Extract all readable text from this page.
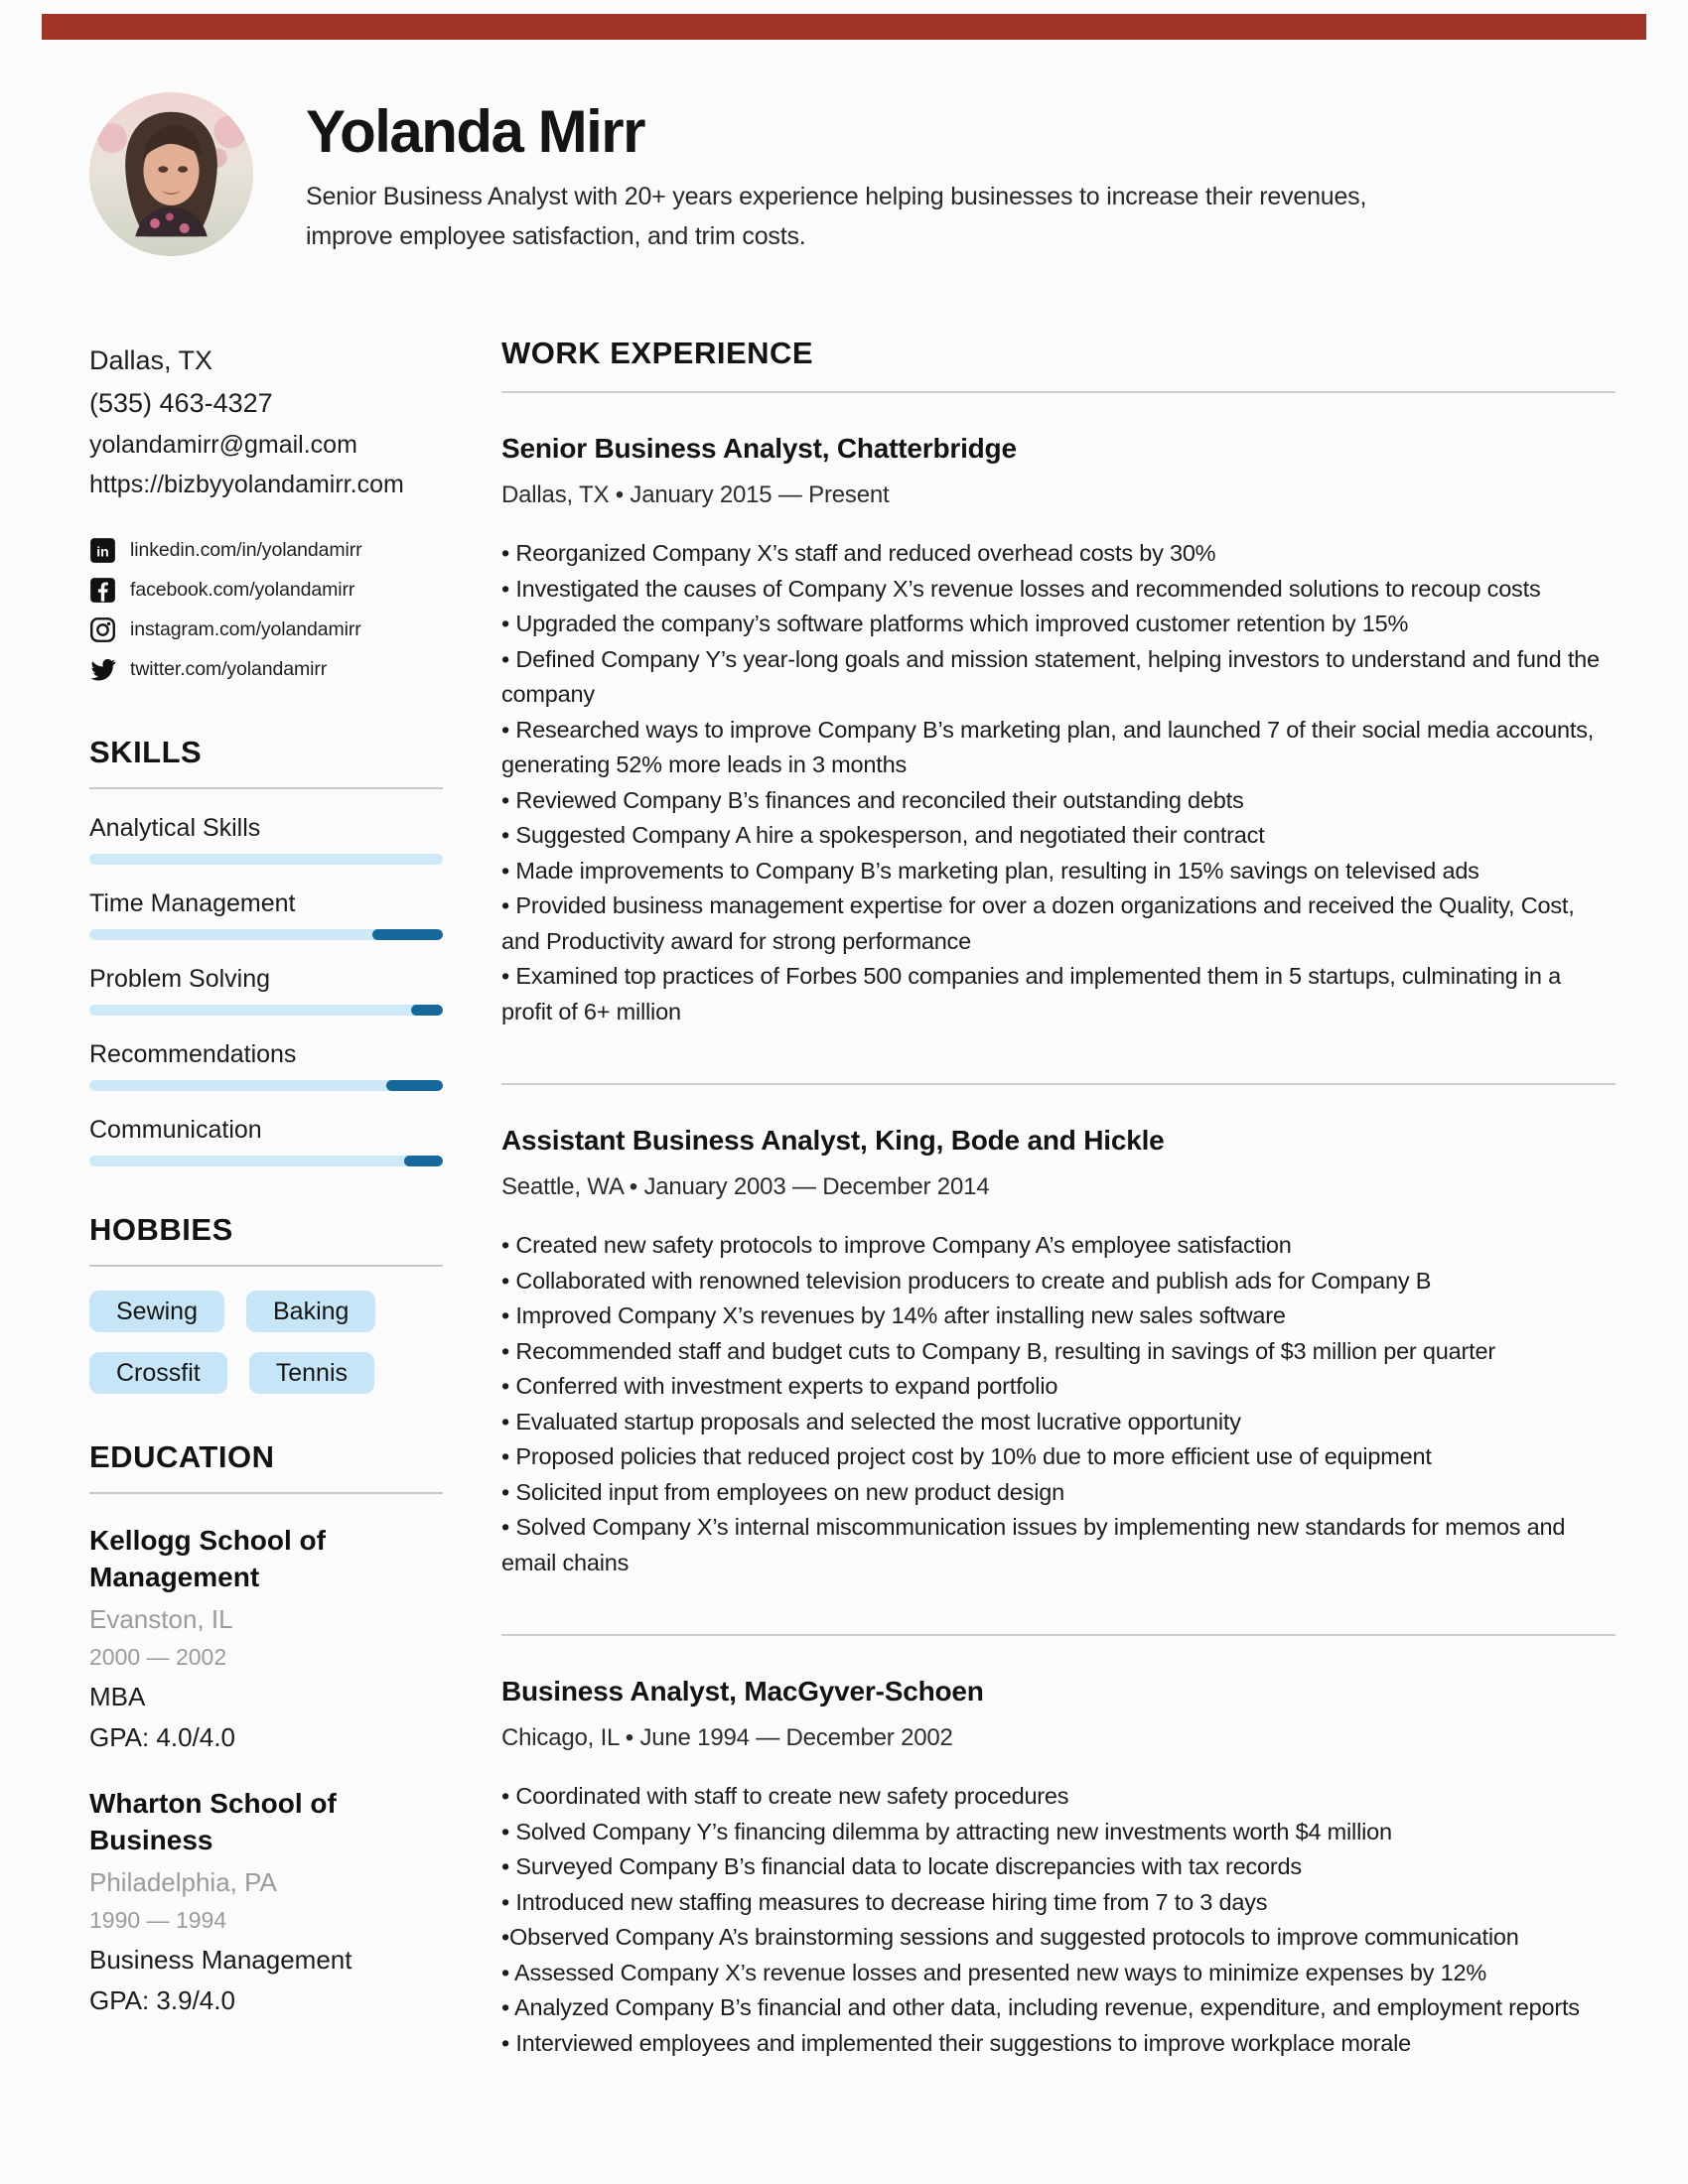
Yolanda Mirr
Senior Business Analyst with 20+ years experience helping businesses to increase their revenues, improve employee satisfaction, and trim costs.
Dallas, TX
(535) 463-4327
yolandamirr@gmail.com
https://bizbyyolandamirr.com
in linkedin.com/in/yolandamirr
facebook.com/yolandamirr
instagram.com/yolandamirr
twitter.com/yolandamirr
SKILLS
Analytical Skills
Time Management
Problem Solving
Recommendations
Communication
HOBBIES
Sewing	Baking
Crossfit	Tennis
EDUCATION
Kellogg School of Management
Evanston, IL
2000 — 2002
MBA
GPA: 4.0/4.0
Wharton School of Business
Philadelphia, PA
1990 — 1994
Business Management
GPA: 3.9/4.0
WORK EXPERIENCE
Senior Business Analyst, Chatterbridge
Dallas, TX • January 2015 — Present
• Reorganized Company X’s staff and reduced overhead costs by 30%
• Investigated the causes of Company X’s revenue losses and recommended solutions to recoup costs
• Upgraded the company’s software platforms which improved customer retention by 15%
• Defined Company Y’s year-long goals and mission statement, helping investors to understand and fund the company
• Researched ways to improve Company B’s marketing plan, and launched 7 of their social media accounts, generating 52% more leads in 3 months
• Reviewed Company B’s finances and reconciled their outstanding debts
• Suggested Company A hire a spokesperson, and negotiated their contract
• Made improvements to Company B’s marketing plan, resulting in 15% savings on televised ads
• Provided business management expertise for over a dozen organizations and received the Quality, Cost, and Productivity award for strong performance
• Examined top practices of Forbes 500 companies and implemented them in 5 startups, culminating in a profit of 6+ million
Assistant Business Analyst, King, Bode and Hickle
Seattle, WA • January 2003 — December 2014
• Created new safety protocols to improve Company A’s employee satisfaction
• Collaborated with renowned television producers to create and publish ads for Company B
• Improved Company X’s revenues by 14% after installing new sales software
• Recommended staff and budget cuts to Company B, resulting in savings of $3 million per quarter
• Conferred with investment experts to expand portfolio
• Evaluated startup proposals and selected the most lucrative opportunity
• Proposed policies that reduced project cost by 10% due to more efficient use of equipment
• Solicited input from employees on new product design
• Solved Company X’s internal miscommunication issues by implementing new standards for memos and email chains
Business Analyst, MacGyver-Schoen
Chicago, IL • June 1994 — December 2002
• Coordinated with staff to create new safety procedures
• Solved Company Y’s financing dilemma by attracting new investments worth $4 million
• Surveyed Company B’s financial data to locate discrepancies with tax records
• Introduced new staffing measures to decrease hiring time from 7 to 3 days
•Observed Company A’s brainstorming sessions and suggested protocols to improve communication
• Assessed Company X’s revenue losses and presented new ways to minimize expenses by 12%
• Analyzed Company B’s financial and other data, including revenue, expenditure, and employment reports
• Interviewed employees and implemented their suggestions to improve workplace morale
